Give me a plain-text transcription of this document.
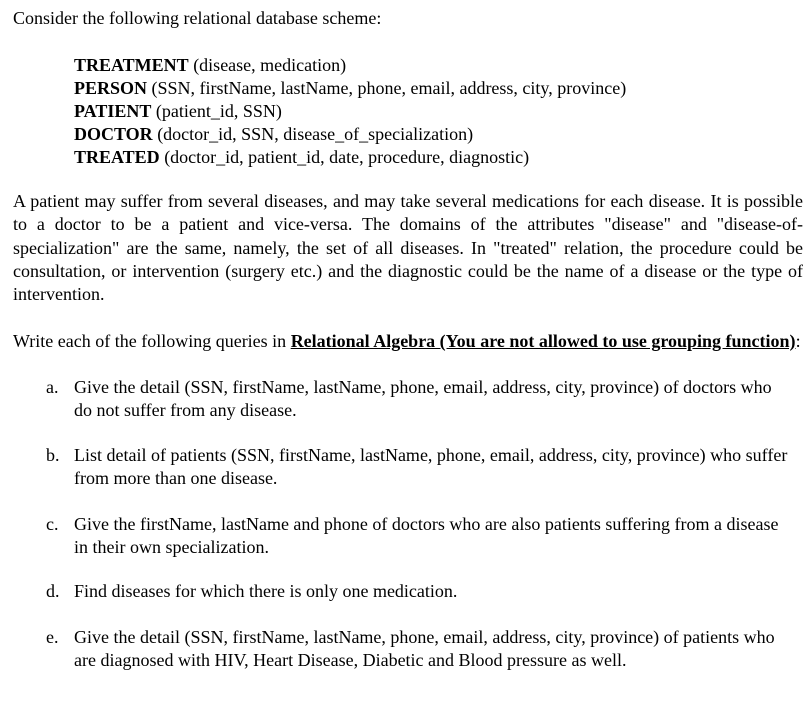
Consider the following relational database scheme:

TREATMENT (disease, medication)
PERSON (SSN, firstName, lastName, phone, email, address, city, province)
PATIENT (patient_id, SSN)
DOCTOR (doctor_id, SSN, disease_of_specialization)
TREATED (doctor_id, patient_id, date, procedure, diagnostic)

A patient may suffer from several diseases, and may take several medications for each disease. It is possible to a doctor to be a patient and vice-versa. The domains of the attributes "disease" and "disease-of-specialization" are the same, namely, the set of all diseases. In "treated" relation, the procedure could be consultation, or intervention (surgery etc.) and the diagnostic could be the name of a disease or the type of intervention.

Write each of the following queries in Relational Algebra (You are not allowed to use grouping function):

a. Give the detail (SSN, firstName, lastName, phone, email, address, city, province) of doctors who do not suffer from any disease.
b. List detail of patients (SSN, firstName, lastName, phone, email, address, city, province) who suffer from more than one disease.
c. Give the firstName, lastName and phone of doctors who are also patients suffering from a disease in their own specialization.
d. Find diseases for which there is only one medication.
e. Give the detail (SSN, firstName, lastName, phone, email, address, city, province) of patients who are diagnosed with HIV, Heart Disease, Diabetic and Blood pressure as well.
